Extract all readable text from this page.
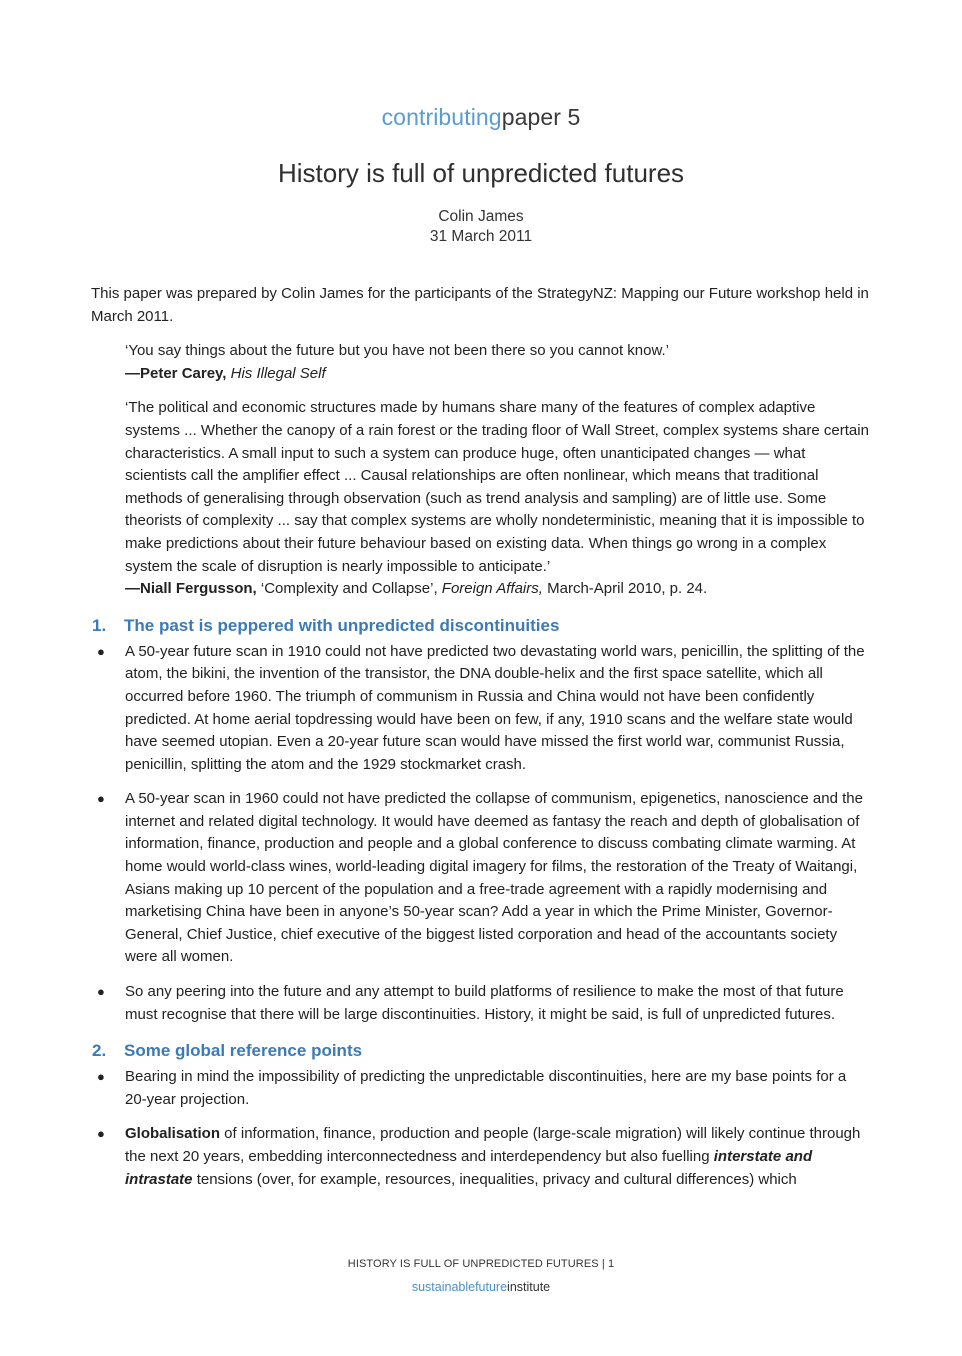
contributingpaper 5
History is full of unpredicted futures
Colin James
31 March 2011

This paper was prepared by Colin James for the participants of the StrategyNZ: Mapping our Future workshop held in March 2011.

‘You say things about the future but you have not been there so you cannot know.’

—Peter Carey, His Illegal Self

‘The political and economic structures made by humans share many of the features of complex adaptive systems ... Whether the canopy of a rain forest or the trading floor of Wall Street, complex systems share certain characteristics. A small input to such a system can produce huge, often unanticipated changes — what scientists call the amplifier effect ... Causal relationships are often nonlinear, which means that traditional methods of generalising through observation (such as trend analysis and sampling) are of little use. Some theorists of complexity ... say that complex systems are wholly nondeterministic, meaning that it is impossible to make predictions about their future behaviour based on existing data. When things go wrong in a complex system the scale of disruption is nearly impossible to anticipate.’

—Niall Fergusson, ‘Complexity and Collapse’, Foreign Affairs, March-April 2010, p. 24.

1.	The past is peppered with unpredicted discontinuities
● A 50-year future scan in 1910 could not have predicted two devastating world wars, penicillin, the splitting of the atom, the bikini, the invention of the transistor, the DNA double-helix and the first space satellite, which all occurred before 1960. The triumph of communism in Russia and China would not have been confidently predicted. At home aerial topdressing would have been on few, if any, 1910 scans and the welfare state would have seemed utopian. Even a 20-year future scan would have missed the first world war, communist Russia, penicillin, splitting the atom and the 1929 stockmarket crash.
● A 50-year scan in 1960 could not have predicted the collapse of communism, epigenetics, nanoscience and the internet and related digital technology. It would have deemed as fantasy the reach and depth of globalisation of information, finance, production and people and a global conference to discuss combating climate warming. At home would world-class wines, world-leading digital imagery for films, the restoration of the Treaty of Waitangi, Asians making up 10 percent of the population and a free-trade agreement with a rapidly modernising and marketising China have been in anyone’s 50-year scan? Add a year in which the Prime Minister, Governor-General, Chief Justice, chief executive of the biggest listed corporation and head of the accountants society were all women.
● So any peering into the future and any attempt to build platforms of resilience to make the most of that future must recognise that there will be large discontinuities. History, it might be said, is full of unpredicted futures.
2.	Some global reference points
● Bearing in mind the impossibility of predicting the unpredictable discontinuities, here are my base points for a 20-year projection.
● Globalisation of information, finance, production and people (large-scale migration) will likely continue through the next 20 years, embedding interconnectedness and interdependency but also fuelling interstate and intrastate tensions (over, for example, resources, inequalities, privacy and cultural differences) which
HISTORY IS FULL OF UNPREDICTED FUTURES | 1
sustainablefutureinstitute
